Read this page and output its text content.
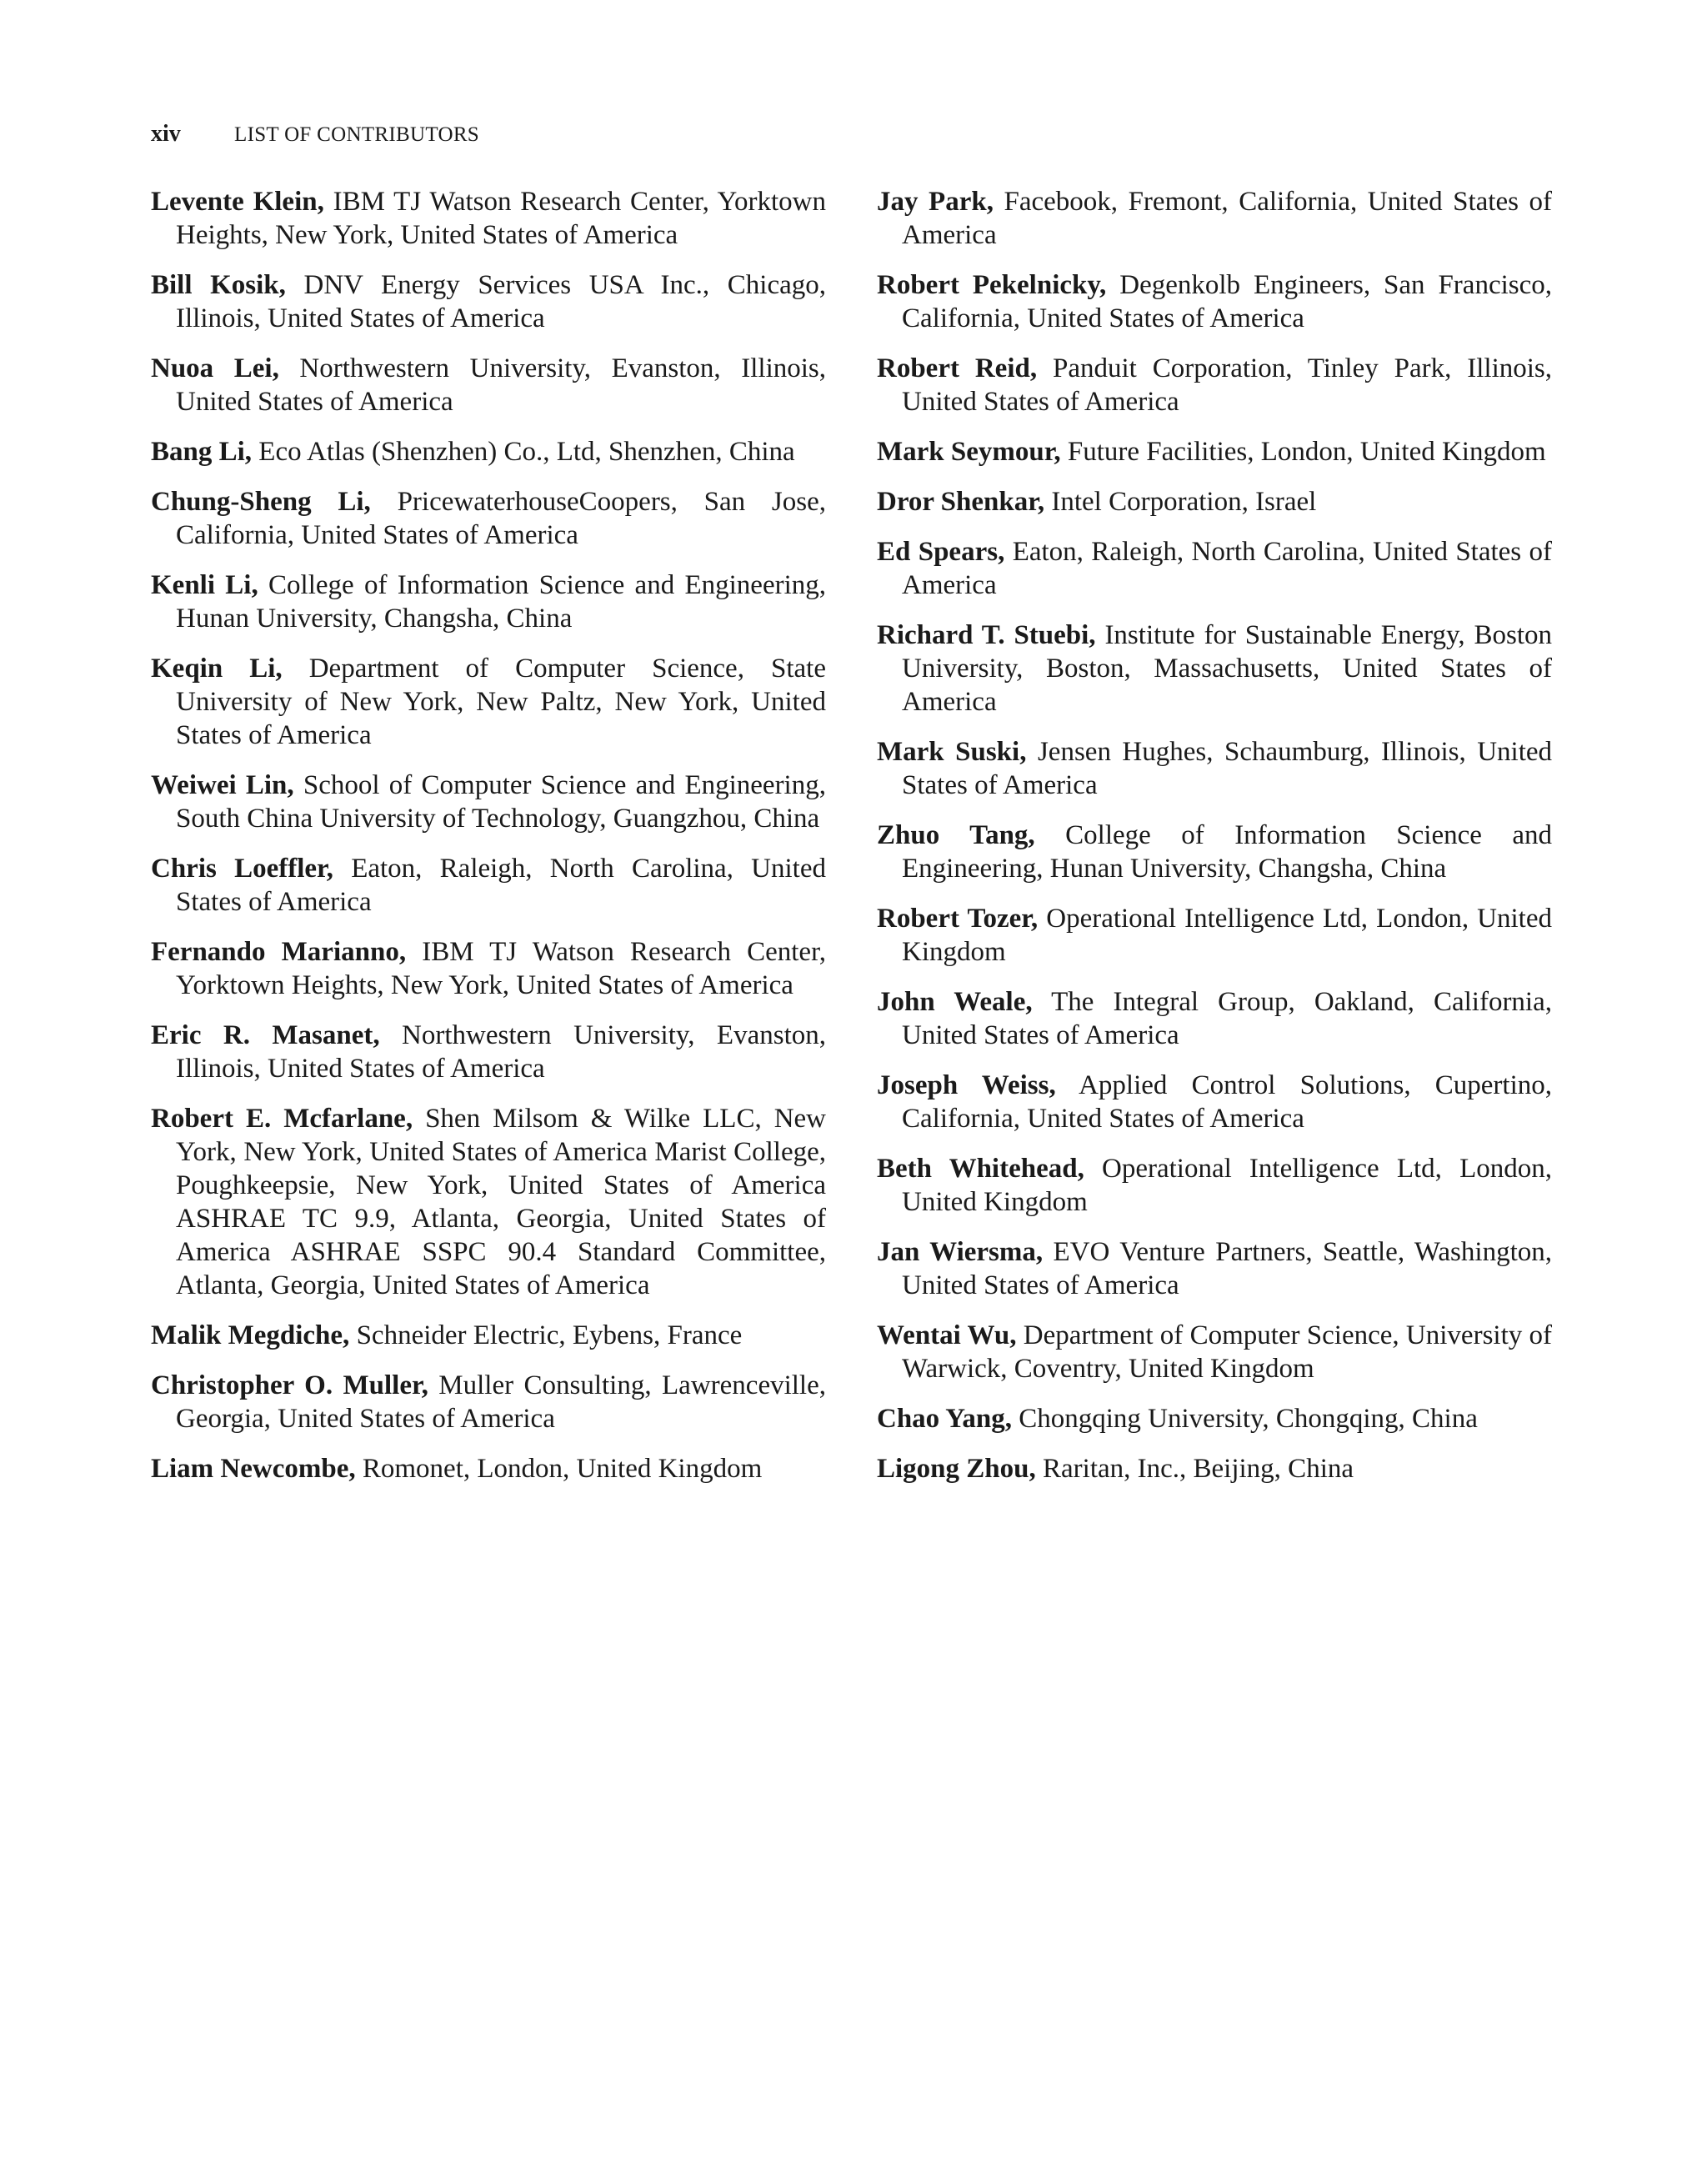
xiv	LIST OF CONTRIBUTORS

Levente Klein, IBM TJ Watson Research Center, Yorktown Heights, New York, United States of America

Bill Kosik, DNV Energy Services USA Inc., Chicago, Illinois, United States of America

Nuoa Lei, Northwestern University, Evanston, Illinois, United States of America

Bang Li, Eco Atlas (Shenzhen) Co., Ltd, Shenzhen, China

Chung-Sheng Li, PricewaterhouseCoopers, San Jose, California, United States of America

Kenli Li, College of Information Science and Engineering, Hunan University, Changsha, China

Keqin Li, Department of Computer Science, State University of New York, New Paltz, New York, United States of America

Weiwei Lin, School of Computer Science and Engineering, South China University of Technology, Guangzhou, China

Chris Loeffler, Eaton, Raleigh, North Carolina, United States of America

Fernando Marianno, IBM TJ Watson Research Center, Yorktown Heights, New York, United States of America

Eric R. Masanet, Northwestern University, Evanston, Illinois, United States of America

Robert E. Mcfarlane, Shen Milsom & Wilke LLC, New York, New York, United States of America Marist College, Poughkeepsie, New York, United States of America ASHRAE TC 9.9, Atlanta, Georgia, United States of America ASHRAE SSPC 90.4 Standard Committee, Atlanta, Georgia, United States of America

Malik Megdiche, Schneider Electric, Eybens, France

Christopher O. Muller, Muller Consulting, Lawrenceville, Georgia, United States of America

Liam Newcombe, Romonet, London, United Kingdom

Jay Park, Facebook, Fremont, California, United States of America

Robert Pekelnicky, Degenkolb Engineers, San Francisco, California, United States of America

Robert Reid, Panduit Corporation, Tinley Park, Illinois, United States of America

Mark Seymour, Future Facilities, London, United Kingdom

Dror Shenkar, Intel Corporation, Israel

Ed Spears, Eaton, Raleigh, North Carolina, United States of America

Richard T. Stuebi, Institute for Sustainable Energy, Boston University, Boston, Massachusetts, United States of America

Mark Suski, Jensen Hughes, Schaumburg, Illinois, United States of America

Zhuo Tang, College of Information Science and Engineering, Hunan University, Changsha, China

Robert Tozer, Operational Intelligence Ltd, London, United Kingdom

John Weale, The Integral Group, Oakland, California, United States of America

Joseph Weiss, Applied Control Solutions, Cupertino, California, United States of America

Beth Whitehead, Operational Intelligence Ltd, London, United Kingdom

Jan Wiersma, EVO Venture Partners, Seattle, Washington, United States of America

Wentai Wu, Department of Computer Science, University of Warwick, Coventry, United Kingdom

Chao Yang, Chongqing University, Chongqing, China

Ligong Zhou, Raritan, Inc., Beijing, China
